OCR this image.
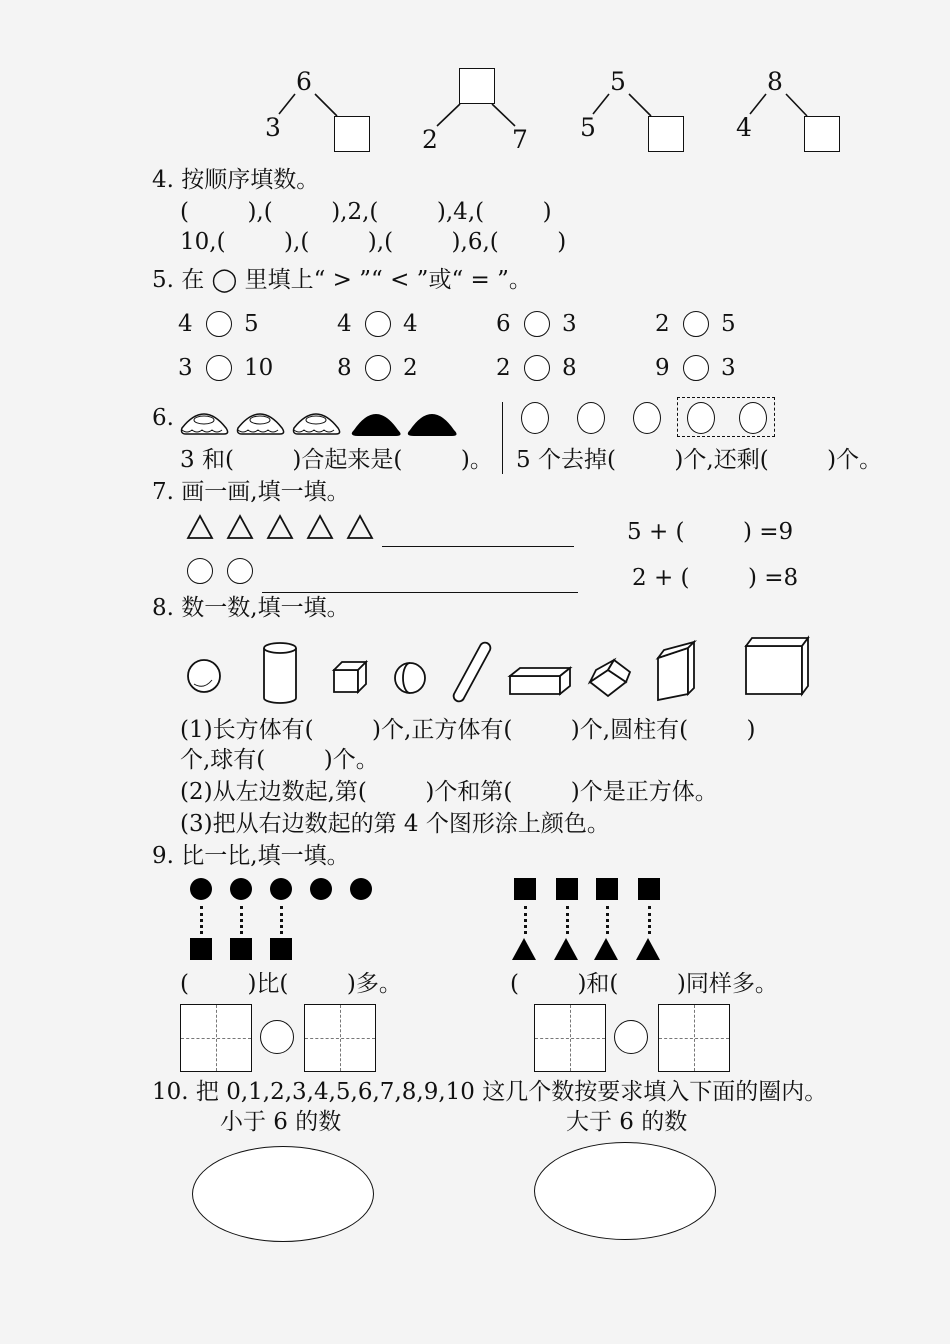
6
3	2	7
5
5
8
4
4. 按顺序填数。
(        ),(        ),2,(        ),4,(        )
10,(        ),(        ),(        ),6,(        )
5. 在 ◯ 里填上“ > ”“ < ”或“ = ”。
4 5	4 4	6 3	2 5
3 10	8 2	2 8	9 3
6.
3 和(        )合起来是(        )。 5 个去掉(        )个,还剩(        )个。
7. 画一画,填一填。
5 + (        ) =9
2 + (        ) =8
8. 数一数,填一填。
(1)长方体有(        )个,正方体有(        )个,圆柱有(        )
个,球有(        )个。
(2)从左边数起,第(        )个和第(        )个是正方体。
(3)把从右边数起的第 4 个图形涂上颜色。
9. 比一比,填一填。
(        )比(        )多。	(        )和(        )同样多。
10. 把 0,1,2,3,4,5,6,7,8,9,10 这几个数按要求填入下面的圈内。
小于 6 的数	大于 6 的数
